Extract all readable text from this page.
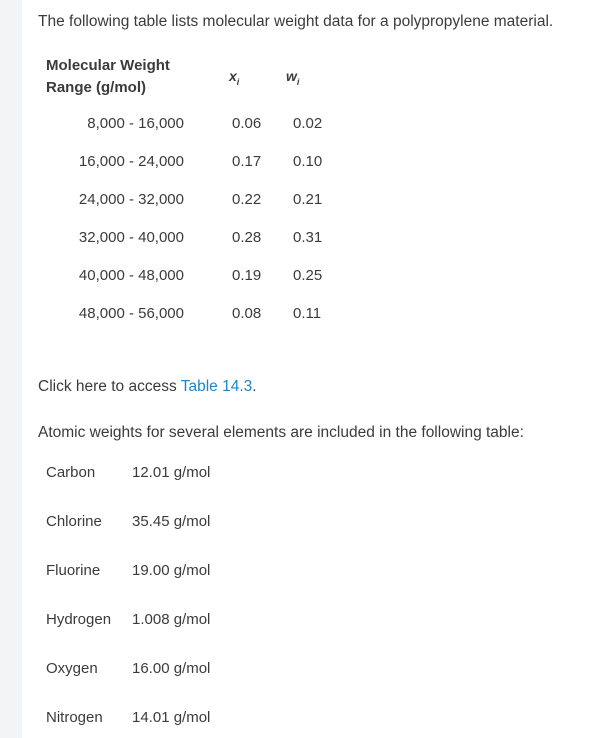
The following table lists molecular weight data for a polypropylene material.
Molecular Weight
Range (g/mol)
$x_i$	$w_i$
8,000 - 16,000	0.06 0.02
16,000 - 24,000	0.17 0.10
24,000 - 32,000	0.22 0.21
32,000 - 40,000	0.28 0.31
40,000 - 48,000	0.19 0.25
48,000 - 56,000	0.08 0.11
Click here to access Table 14.3.
Atomic weights for several elements are included in the following table:
Carbon 12.01 g/mol
Chlorine 35.45 g/mol
Fluorine 19.00 g/mol
Hydrogen 1.008 g/mol
Oxygen 16.00 g/mol
Nitrogen 14.01 g/mol
